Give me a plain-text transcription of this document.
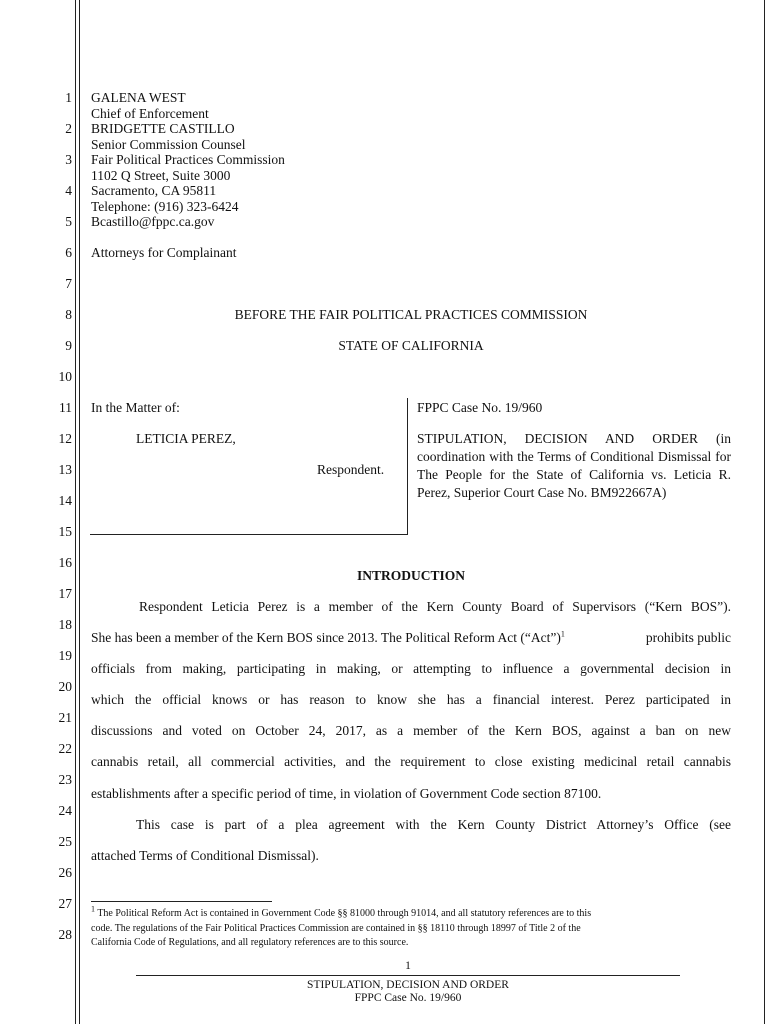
1
2
3
4
5
6
7
8
9
10
11
12
13
14
15
16
17
18
19
20
21
22
23
24
25
26
27
28
GALENA WEST
Chief of Enforcement
BRIDGETTE CASTILLO
Senior Commission Counsel
Fair Political Practices Commission
1102 Q Street, Suite 3000
Sacramento, CA 95811
Telephone: (916) 323-6424
Bcastillo@fppc.ca.gov
Attorneys for Complainant
BEFORE THE FAIR POLITICAL PRACTICES COMMISSION
STATE OF CALIFORNIA
In the Matter of:
LETICIA PEREZ,
Respondent.
FPPC Case No. 19/960
STIPULATION, DECISION AND ORDER (in coordination with the Terms of Conditional Dismissal for The People for the State of California vs. Leticia R. Perez, Superior Court Case No. BM922667A)
INTRODUCTION
Respondent Leticia Perez is a member of the Kern County Board of Supervisors (“Kern BOS”).
She has been a member of the Kern BOS since 2013. The Political Reform Act (“Act”)$^1$	prohibits public
officials from making, participating in making, or attempting to influence a governmental decision in
which the official knows or has reason to know she has a financial interest. Perez participated in
discussions and voted on October 24, 2017, as a member of the Kern BOS, against a ban on new
cannabis retail, all commercial activities, and the requirement to close existing medicinal retail cannabis
establishments after a specific period of time, in violation of Government Code section 87100.
This case is part of a plea agreement with the Kern County District Attorney’s Office (see
attached Terms of Conditional Dismissal).
$^1$ The Political Reform Act is contained in Government Code §§ 81000 through 91014, and all statutory references are to this
code. The regulations of the Fair Political Practices Commission are contained in §§ 18110 through 18997 of Title 2 of the
California Code of Regulations, and all regulatory references are to this source.
1
STIPULATION, DECISION AND ORDER
FPPC Case No. 19/960
